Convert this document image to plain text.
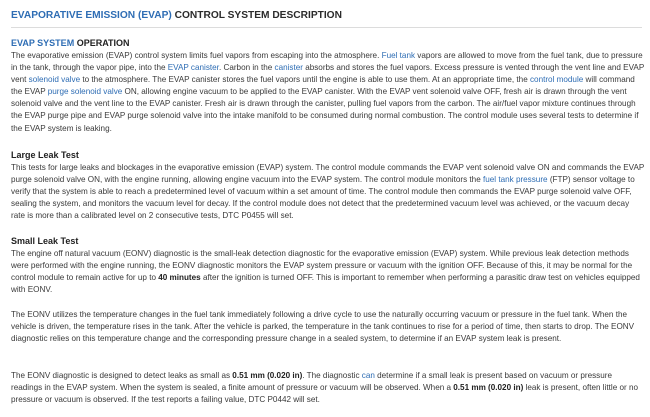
EVAPORATIVE EMISSION (EVAP) CONTROL SYSTEM DESCRIPTION
EVAP SYSTEM OPERATION

The evaporative emission (EVAP) control system limits fuel vapors from escaping into the atmosphere. Fuel tank vapors are allowed to move from the fuel tank, due to pressure in the tank, through the vapor pipe, into the EVAP canister. Carbon in the canister absorbs and stores the fuel vapors. Excess pressure is vented through the vent line and EVAP vent solenoid valve to the atmosphere. The EVAP canister stores the fuel vapors until the engine is able to use them. At an appropriate time, the control module will command the EVAP purge solenoid valve ON, allowing engine vacuum to be applied to the EVAP canister. With the EVAP vent solenoid valve OFF, fresh air is drawn through the vent solenoid valve and the vent line to the EVAP canister. Fresh air is drawn through the canister, pulling fuel vapors from the carbon. The air/fuel vapor mixture continues through the EVAP purge pipe and EVAP purge solenoid valve into the intake manifold to be consumed during normal combustion. The control module uses several tests to determine if the EVAP system is leaking.

Large Leak Test

This tests for large leaks and blockages in the evaporative emission (EVAP) system. The control module commands the EVAP vent solenoid valve ON and commands the EVAP purge solenoid valve ON, with the engine running, allowing engine vacuum into the EVAP system. The control module monitors the fuel tank pressure (FTP) sensor voltage to verify that the system is able to reach a predetermined level of vacuum within a set amount of time. The control module then commands the EVAP purge solenoid valve OFF, sealing the system, and monitors the vacuum level for decay. If the control module does not detect that the predetermined vacuum level was achieved, or the vacuum decay rate is more than a calibrated level on 2 consecutive tests, DTC P0455 will set.

Small Leak Test

The engine off natural vacuum (EONV) diagnostic is the small-leak detection diagnostic for the evaporative emission (EVAP) system. While previous leak detection methods were performed with the engine running, the EONV diagnostic monitors the EVAP system pressure or vacuum with the ignition OFF. Because of this, it may be normal for the control module to remain active for up to 40 minutes after the ignition is turned OFF. This is important to remember when performing a parasitic draw test on vehicles equipped with EONV.

The EONV utilizes the temperature changes in the fuel tank immediately following a drive cycle to use the naturally occurring vacuum or pressure in the fuel tank. When the vehicle is driven, the temperature rises in the tank. After the vehicle is parked, the temperature in the tank continues to rise for a period of time, then starts to drop. The EONV diagnostic relies on this temperature change and the corresponding pressure change in a sealed system, to determine if an EVAP system leak is present.

The EONV diagnostic is designed to detect leaks as small as 0.51 mm (0.020 in). The diagnostic can determine if a small leak is present based on vacuum or pressure readings in the EVAP system. When the system is sealed, a finite amount of pressure or vacuum will be observed. When a 0.51 mm (0.020 in) leak is present, often little or no pressure or vacuum is observed. If the test reports a failing value, DTC P0442 will set.
